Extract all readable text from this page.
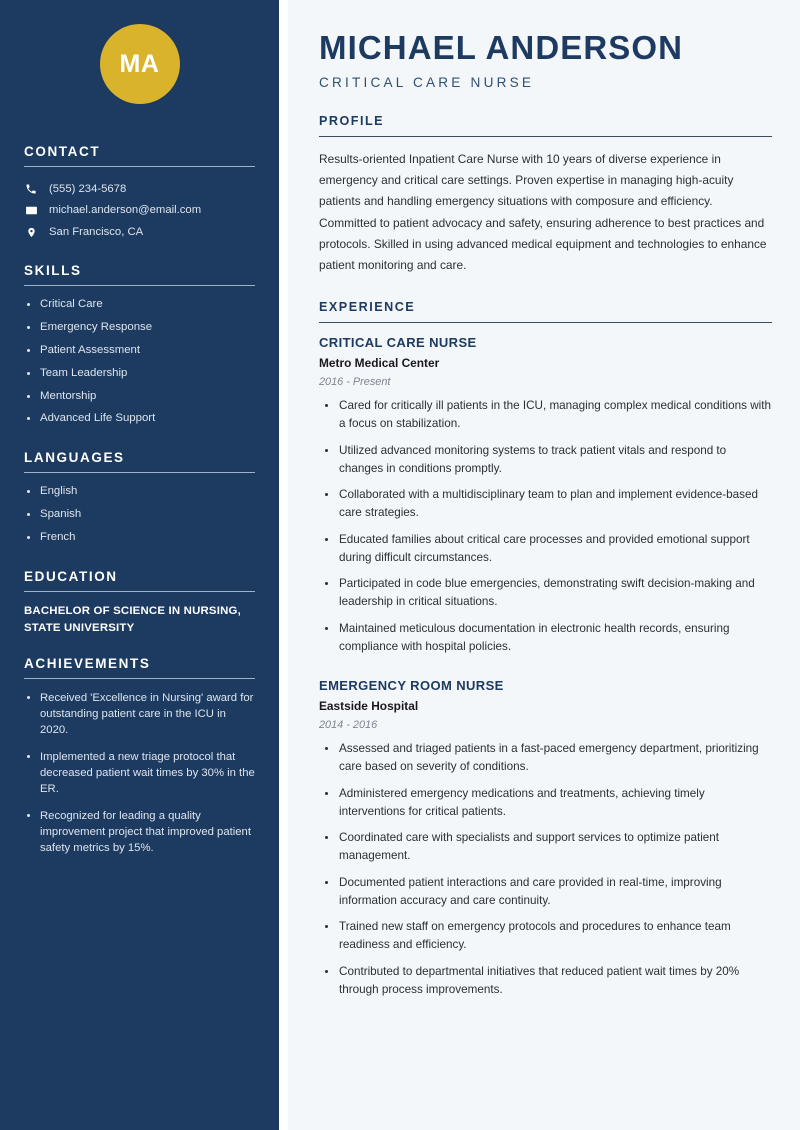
MA
CONTACT
(555) 234-5678
michael.anderson@email.com
San Francisco, CA
SKILLS
Critical Care
Emergency Response
Patient Assessment
Team Leadership
Mentorship
Advanced Life Support
LANGUAGES
English
Spanish
French
EDUCATION
BACHELOR OF SCIENCE IN NURSING, STATE UNIVERSITY
ACHIEVEMENTS
Received 'Excellence in Nursing' award for outstanding patient care in the ICU in 2020.
Implemented a new triage protocol that decreased patient wait times by 30% in the ER.
Recognized for leading a quality improvement project that improved patient safety metrics by 15%.
MICHAEL ANDERSON
CRITICAL CARE NURSE
PROFILE

Results-oriented Inpatient Care Nurse with 10 years of diverse experience in emergency and critical care settings. Proven expertise in managing high-acuity patients and handling emergency situations with composure and efficiency. Committed to patient advocacy and safety, ensuring adherence to best practices and protocols. Skilled in using advanced medical equipment and technologies to enhance patient monitoring and care.

EXPERIENCE
CRITICAL CARE NURSE
Metro Medical Center
2016 - Present
Cared for critically ill patients in the ICU, managing complex medical conditions with a focus on stabilization.
Utilized advanced monitoring systems to track patient vitals and respond to changes in conditions promptly.
Collaborated with a multidisciplinary team to plan and implement evidence-based care strategies.
Educated families about critical care processes and provided emotional support during difficult circumstances.
Participated in code blue emergencies, demonstrating swift decision-making and leadership in critical situations.
Maintained meticulous documentation in electronic health records, ensuring compliance with hospital policies.
EMERGENCY ROOM NURSE
Eastside Hospital
2014 - 2016
Assessed and triaged patients in a fast-paced emergency department, prioritizing care based on severity of conditions.
Administered emergency medications and treatments, achieving timely interventions for critical patients.
Coordinated care with specialists and support services to optimize patient management.
Documented patient interactions and care provided in real-time, improving information accuracy and care continuity.
Trained new staff on emergency protocols and procedures to enhance team readiness and efficiency.
Contributed to departmental initiatives that reduced patient wait times by 20% through process improvements.
